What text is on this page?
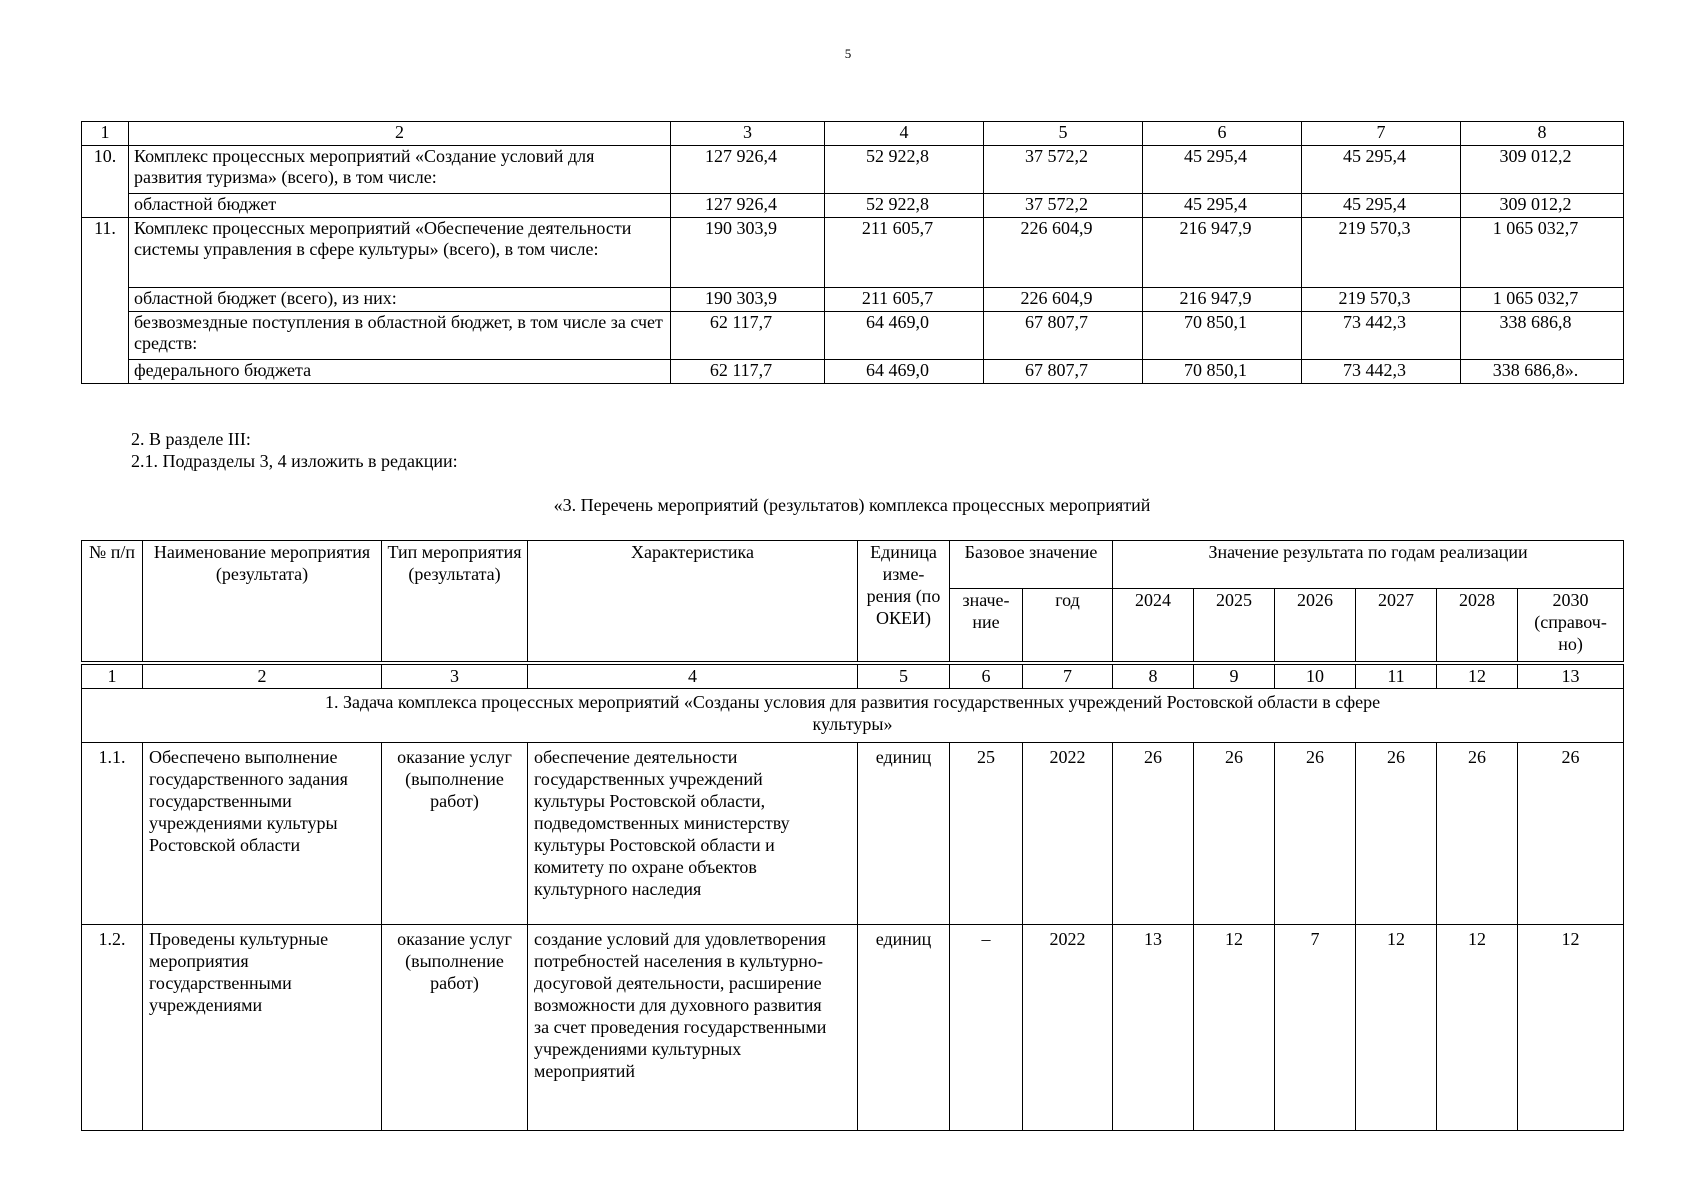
5
1	2	3	4	5	6	7	8
10.	Комплекс процессных мероприятий «Создание условий для развития туризма» (всего), в том числе:	127 926,4	52 922,8	37 572,2	45 295,4	45 295,4	309 012,2
	областной бюджет	127 926,4	52 922,8	37 572,2	45 295,4	45 295,4	309 012,2
11.	Комплекс процессных мероприятий «Обеспечение деятельности системы управления в сфере культуры» (всего), в том числе:	190 303,9	211 605,7	226 604,9	216 947,9	219 570,3	1 065 032,7
	областной бюджет (всего), из них:	190 303,9	211 605,7	226 604,9	216 947,9	219 570,3	1 065 032,7
	безвозмездные поступления в областной бюджет, в том числе за счет средств:	62 117,7	64 469,0	67 807,7	70 850,1	73 442,3	338 686,8
	федерального бюджета	62 117,7	64 469,0	67 807,7	70 850,1	73 442,3	338 686,8».
2. В разделе III:
2.1. Подразделы 3, 4 изложить в редакции:
«3. Перечень мероприятий (результатов) комплекса процессных мероприятий
№ п/п	Наименование мероприятия (результата)	Тип мероприятия (результата)	Характеристика	Единица изме- рения (по ОКЕИ)	Базовое значение		Значение результата по годам реализации					
					значе- ние	год	2024	2025	2026	2027	2028	2030 (справоч- но)
1	2	3	4	5	6	7	8	9	10	11	12	13
1. Задача комплекса процессных мероприятий «Созданы условия для развития государственных учреждений Ростовской области в сфере культуры»												
1.1.	Обеспечено выполнение государственного задания государственными учреждениями культуры Ростовской области	оказание услуг (выполнение работ)	обеспечение деятельности государственных учреждений культуры Ростовской области, подведомственных министерству культуры Ростовской области и комитету по охране объектов культурного наследия	единиц	25	2022	26	26	26	26	26	26
1.2.	Проведены культурные мероприятия государственными учреждениями	оказание услуг (выполнение работ)	создание условий для удовлетворения потребностей населения в культурно-досуговой деятельности, расширение возможности для духовного развития за счет проведения государственными учреждениями культурных мероприятий	единиц	–	2022	13	12	7	12	12	12
